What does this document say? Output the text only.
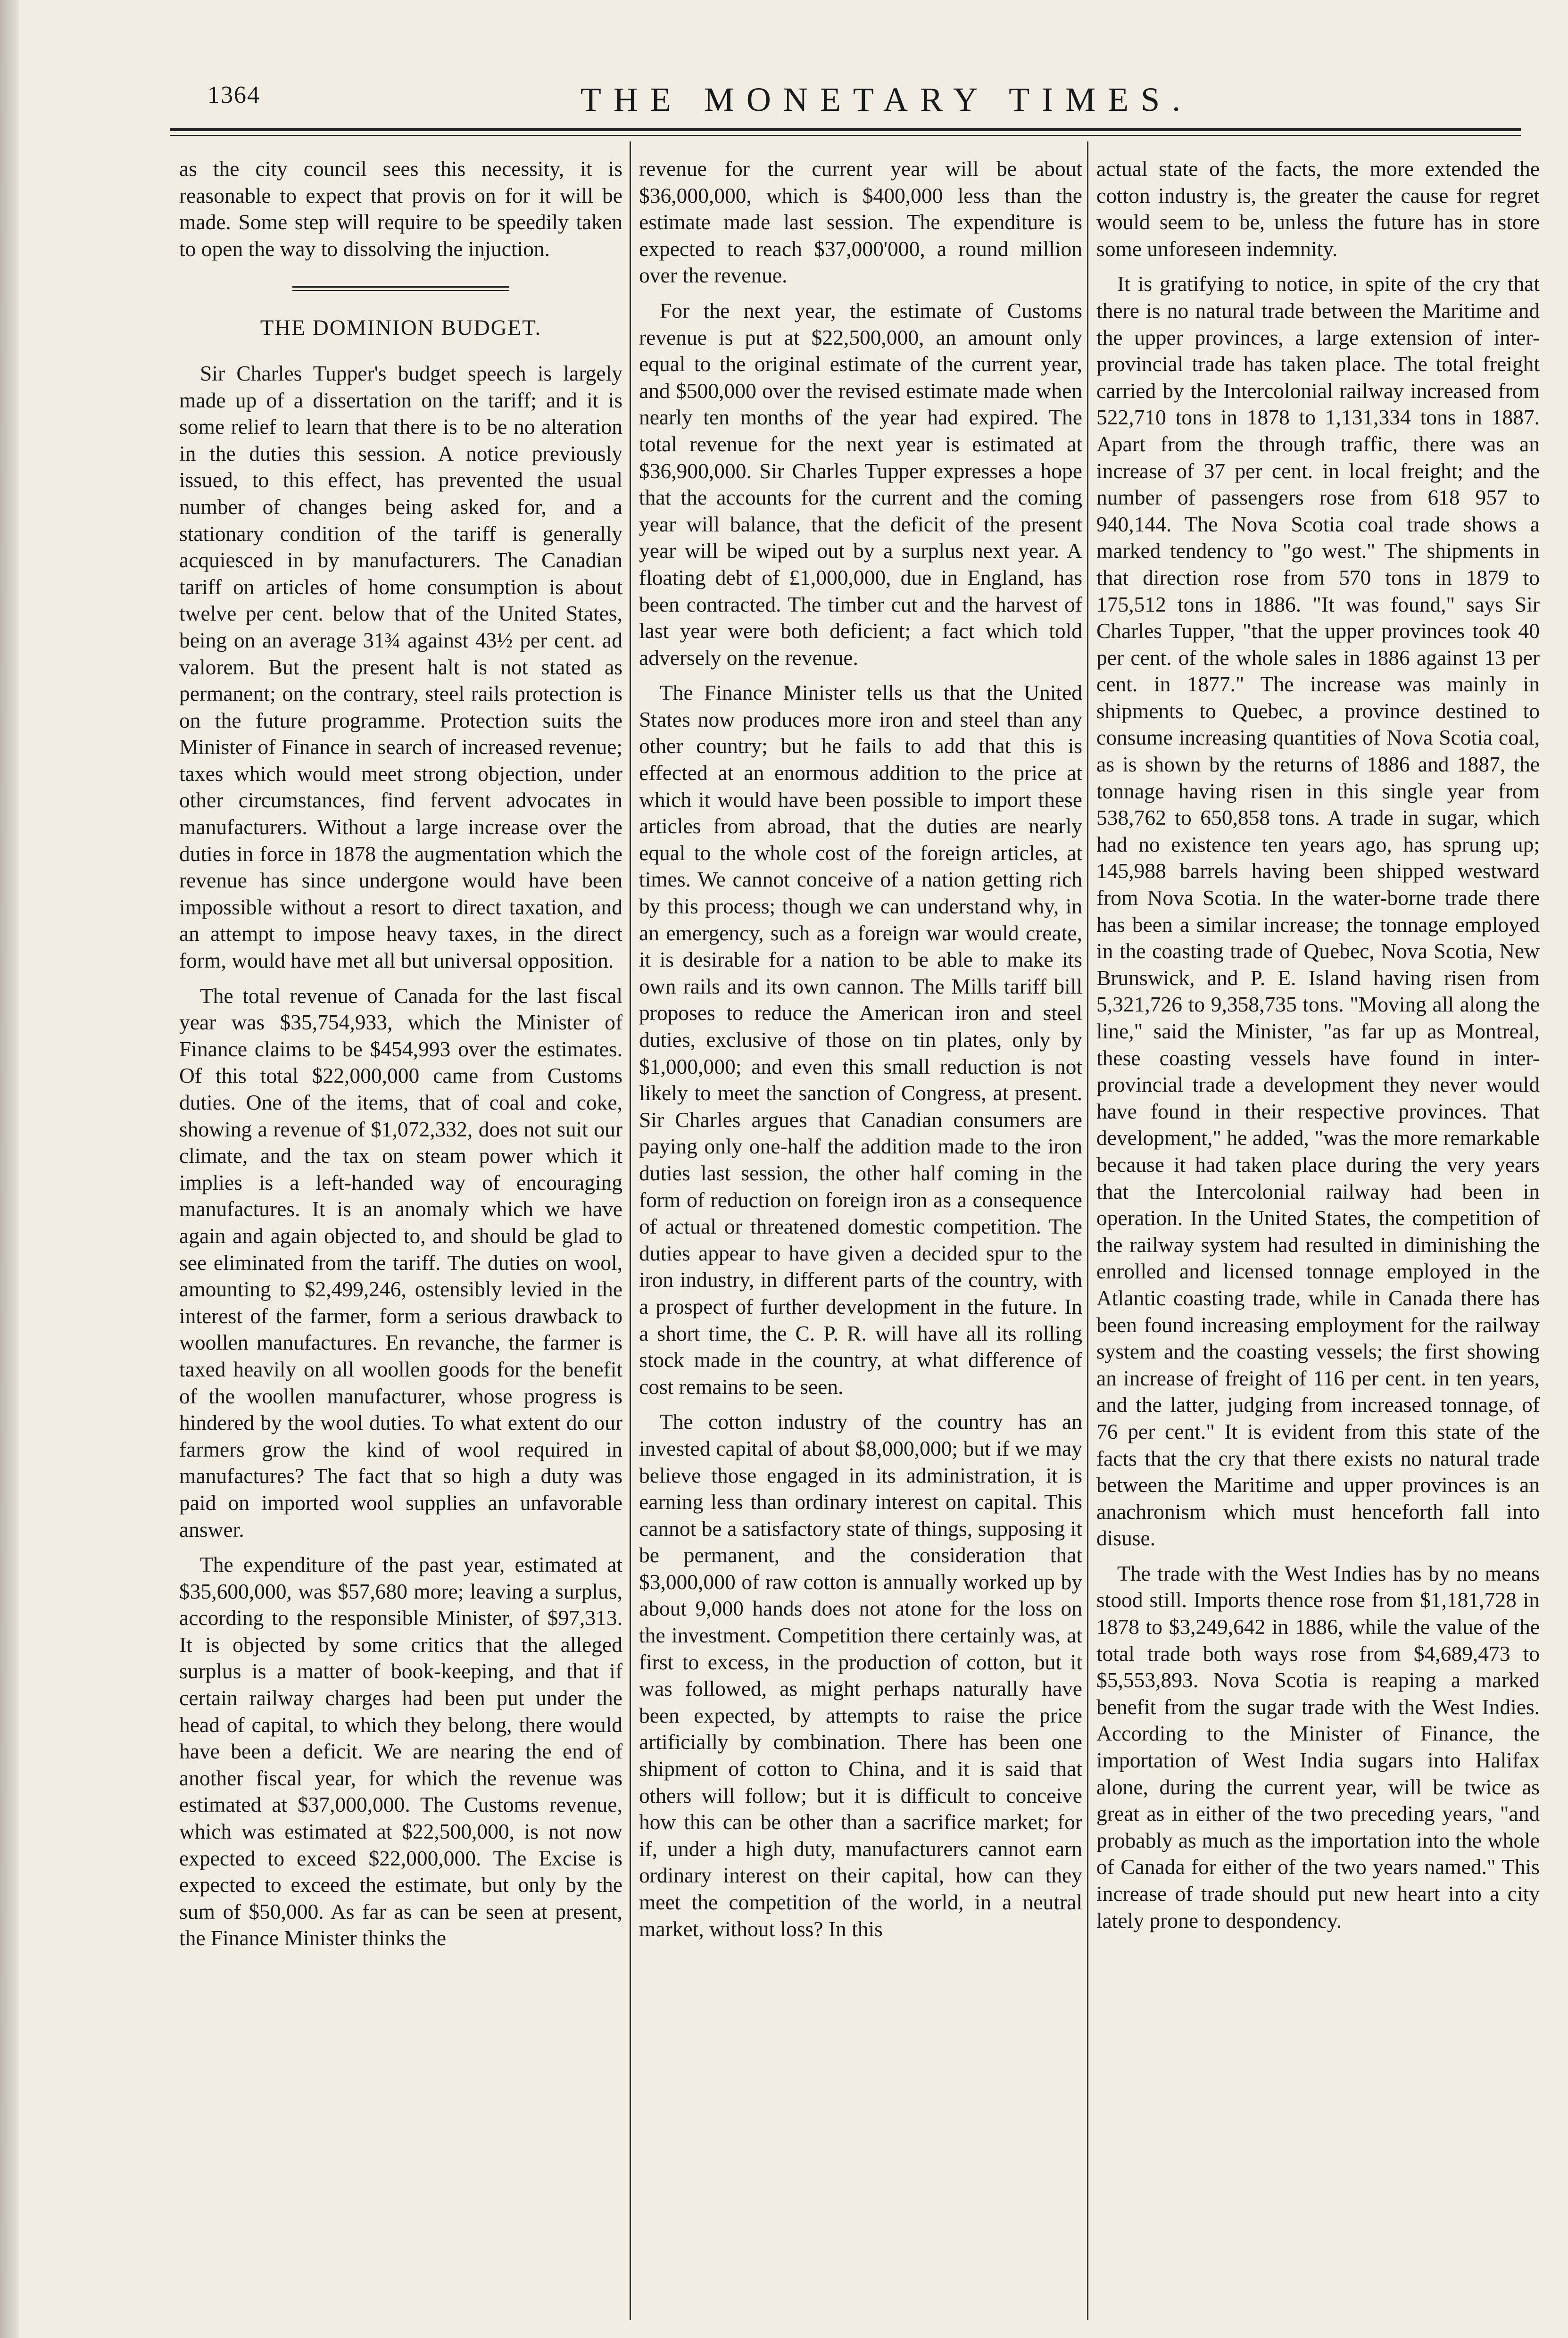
1364	THE MONETARY TIMES.

as the city council sees this necessity, it is reasonable to expect that provis on for it will be made. Some step will require to be speedily taken to open the way to dissolving the injuction.

THE DOMINION BUDGET.

Sir Charles Tupper's budget speech is largely made up of a dissertation on the tariff; and it is some relief to learn that there is to be no alteration in the duties this session. A notice previously issued, to this effect, has prevented the usual number of changes being asked for, and a stationary condition of the tariff is generally acquiesced in by manufacturers. The Canadian tariff on articles of home consumption is about twelve per cent. below that of the United States, being on an average 31¾ against 43½ per cent. ad valorem. But the present halt is not stated as permanent; on the contrary, steel rails protection is on the future programme. Protection suits the Minister of Finance in search of increased revenue; taxes which would meet strong objection, under other circumstances, find fervent advocates in manufacturers. Without a large increase over the duties in force in 1878 the augmentation which the revenue has since undergone would have been impossible without a resort to direct taxation, and an attempt to impose heavy taxes, in the direct form, would have met all but universal opposition.

The total revenue of Canada for the last fiscal year was $35,754,933, which the Minister of Finance claims to be $454,993 over the estimates. Of this total $22,000,000 came from Customs duties. One of the items, that of coal and coke, showing a revenue of $1,072,332, does not suit our climate, and the tax on steam power which it implies is a left-handed way of encouraging manufactures. It is an anomaly which we have again and again objected to, and should be glad to see eliminated from the tariff. The duties on wool, amounting to $2,499,246, ostensibly levied in the interest of the farmer, form a serious drawback to woollen manufactures. En revanche, the farmer is taxed heavily on all woollen goods for the benefit of the woollen manufacturer, whose progress is hindered by the wool duties. To what extent do our farmers grow the kind of wool required in manufactures? The fact that so high a duty was paid on imported wool supplies an unfavorable answer.

The expenditure of the past year, estimated at $35,600,000, was $57,680 more; leaving a surplus, according to the responsible Minister, of $97,313. It is objected by some critics that the alleged surplus is a matter of book-keeping, and that if certain railway charges had been put under the head of capital, to which they belong, there would have been a deficit. We are nearing the end of another fiscal year, for which the revenue was estimated at $37,000,000. The Customs revenue, which was estimated at $22,500,000, is not now expected to exceed $22,000,000. The Excise is expected to exceed the estimate, but only by the sum of $50,000. As far as can be seen at present, the Finance Minister thinks the

revenue for the current year will be about $36,000,000, which is $400,000 less than the estimate made last session. The expenditure is expected to reach $37,000'000, a round million over the revenue.

For the next year, the estimate of Customs revenue is put at $22,500,000, an amount only equal to the original estimate of the current year, and $500,000 over the revised estimate made when nearly ten months of the year had expired. The total revenue for the next year is estimated at $36,900,000. Sir Charles Tupper expresses a hope that the accounts for the current and the coming year will balance, that the deficit of the present year will be wiped out by a surplus next year. A floating debt of £1,000,000, due in England, has been contracted. The timber cut and the harvest of last year were both deficient; a fact which told adversely on the revenue.

The Finance Minister tells us that the United States now produces more iron and steel than any other country; but he fails to add that this is effected at an enormous addition to the price at which it would have been possible to import these articles from abroad, that the duties are nearly equal to the whole cost of the foreign articles, at times. We cannot conceive of a nation getting rich by this process; though we can understand why, in an emergency, such as a foreign war would create, it is desirable for a nation to be able to make its own rails and its own cannon. The Mills tariff bill proposes to reduce the American iron and steel duties, exclusive of those on tin plates, only by $1,000,000; and even this small reduction is not likely to meet the sanction of Congress, at present. Sir Charles argues that Canadian consumers are paying only one-half the addition made to the iron duties last session, the other half coming in the form of reduction on foreign iron as a consequence of actual or threatened domestic competition. The duties appear to have given a decided spur to the iron industry, in different parts of the country, with a prospect of further development in the future. In a short time, the C. P. R. will have all its rolling stock made in the country, at what difference of cost remains to be seen.

The cotton industry of the country has an invested capital of about $8,000,000; but if we may believe those engaged in its administration, it is earning less than ordinary interest on capital. This cannot be a satisfactory state of things, supposing it be permanent, and the consideration that $3,000,000 of raw cotton is annually worked up by about 9,000 hands does not atone for the loss on the investment. Competition there certainly was, at first to excess, in the production of cotton, but it was followed, as might perhaps naturally have been expected, by attempts to raise the price artificially by combination. There has been one shipment of cotton to China, and it is said that others will follow; but it is difficult to conceive how this can be other than a sacrifice market; for if, under a high duty, manufacturers cannot earn ordinary interest on their capital, how can they meet the competition of the world, in a neutral market, without loss? In this

actual state of the facts, the more extended the cotton industry is, the greater the cause for regret would seem to be, unless the future has in store some unforeseen indemnity.

It is gratifying to notice, in spite of the cry that there is no natural trade between the Maritime and the upper provinces, a large extension of inter-provincial trade has taken place. The total freight carried by the Intercolonial railway increased from 522,710 tons in 1878 to 1,131,334 tons in 1887. Apart from the through traffic, there was an increase of 37 per cent. in local freight; and the number of passengers rose from 618 957 to 940,144. The Nova Scotia coal trade shows a marked tendency to "go west." The shipments in that direction rose from 570 tons in 1879 to 175,512 tons in 1886. "It was found," says Sir Charles Tupper, "that the upper provinces took 40 per cent. of the whole sales in 1886 against 13 per cent. in 1877." The increase was mainly in shipments to Quebec, a province destined to consume increasing quantities of Nova Scotia coal, as is shown by the returns of 1886 and 1887, the tonnage having risen in this single year from 538,762 to 650,858 tons. A trade in sugar, which had no existence ten years ago, has sprung up; 145,988 barrels having been shipped westward from Nova Scotia. In the water-borne trade there has been a similar increase; the tonnage employed in the coasting trade of Quebec, Nova Scotia, New Brunswick, and P. E. Island having risen from 5,321,726 to 9,358,735 tons. "Moving all along the line," said the Minister, "as far up as Montreal, these coasting vessels have found in inter-provincial trade a development they never would have found in their respective provinces. That development," he added, "was the more remarkable because it had taken place during the very years that the Intercolonial railway had been in operation. In the United States, the competition of the railway system had resulted in diminishing the enrolled and licensed tonnage employed in the Atlantic coasting trade, while in Canada there has been found increasing employment for the railway system and the coasting vessels; the first showing an increase of freight of 116 per cent. in ten years, and the latter, judging from increased tonnage, of 76 per cent." It is evident from this state of the facts that the cry that there exists no natural trade between the Maritime and upper provinces is an anachronism which must henceforth fall into disuse.

The trade with the West Indies has by no means stood still. Imports thence rose from $1,181,728 in 1878 to $3,249,642 in 1886, while the value of the total trade both ways rose from $4,689,473 to $5,553,893. Nova Scotia is reaping a marked benefit from the sugar trade with the West Indies. According to the Minister of Finance, the importation of West India sugars into Halifax alone, during the current year, will be twice as great as in either of the two preceding years, "and probably as much as the importation into the whole of Canada for either of the two years named." This increase of trade should put new heart into a city lately prone to despondency.
